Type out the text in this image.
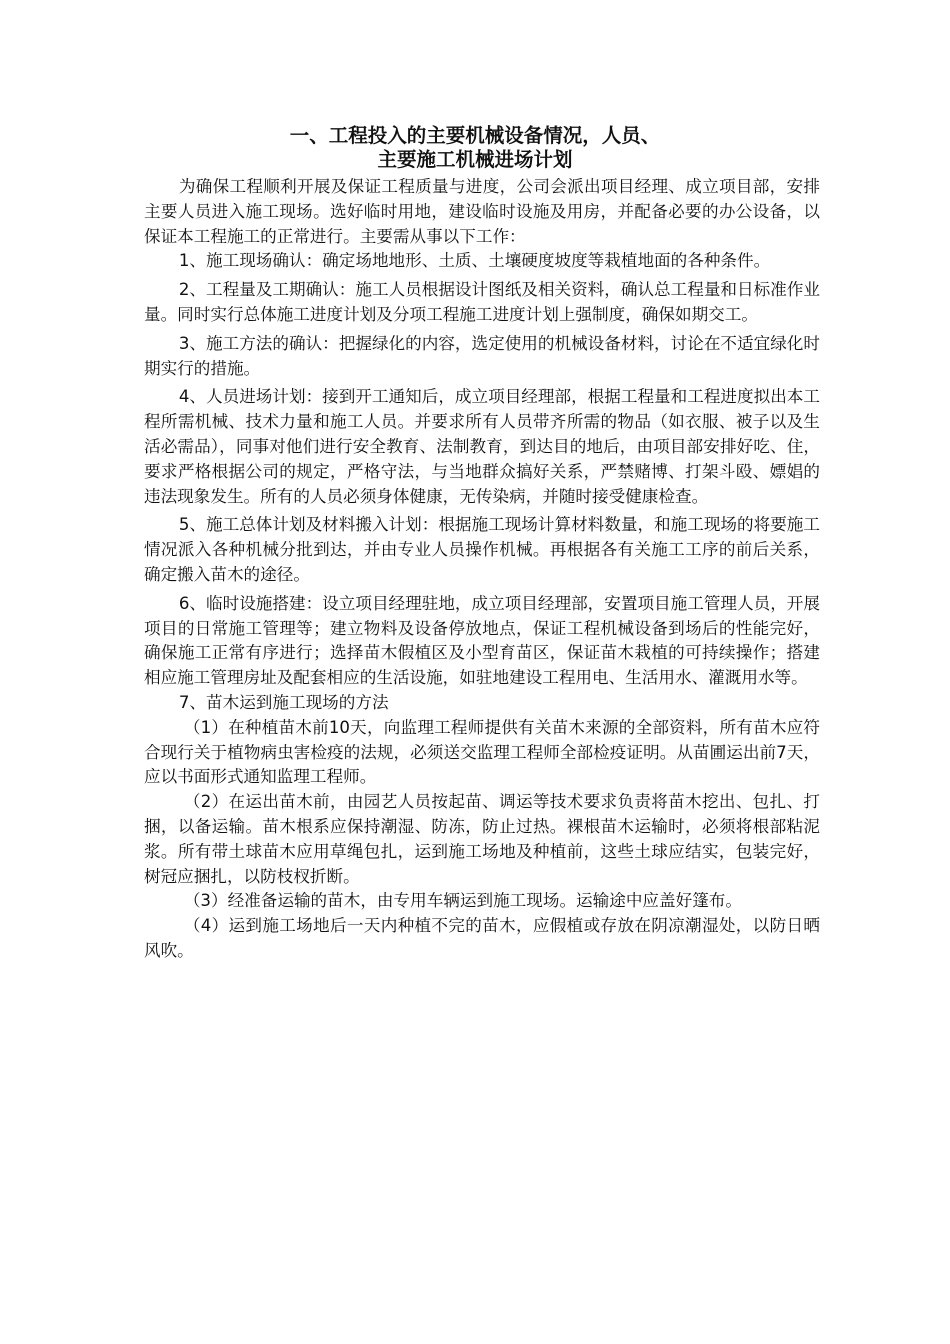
一、工程投入的主要机械设备情况，人员、
主要施工机械进场计划

为确保工程顺利开展及保证工程质量与进度，公司会派出项目经理、成立项目部，安排主要人员进入施工现场。选好临时用地，建设临时设施及用房，并配备必要的办公设备，以保证本工程施工的正常进行。主要需从事以下工作：

1、施工现场确认：确定场地地形、土质、土壤硬度坡度等栽植地面的各种条件。

2、工程量及工期确认：施工人员根据设计图纸及相关资料，确认总工程量和日标准作业量。同时实行总体施工进度计划及分项工程施工进度计划上强制度，确保如期交工。

3、施工方法的确认：把握绿化的内容，选定使用的机械设备材料，讨论在不适宜绿化时期实行的措施。

4、人员进场计划：接到开工通知后，成立项目经理部，根据工程量和工程进度拟出本工程所需机械、技术力量和施工人员。并要求所有人员带齐所需的物品（如衣服、被子以及生活必需品），同事对他们进行安全教育、法制教育，到达目的地后，由项目部安排好吃、住，要求严格根据公司的规定，严格守法，与当地群众搞好关系，严禁赌博、打架斗殴、嫖娼的违法现象发生。所有的人员必须身体健康，无传染病，并随时接受健康检查。

5、施工总体计划及材料搬入计划：根据施工现场计算材料数量，和施工现场的将要施工情况派入各种机械分批到达，并由专业人员操作机械。再根据各有关施工工序的前后关系，确定搬入苗木的途径。

6、临时设施搭建：设立项目经理驻地，成立项目经理部，安置项目施工管理人员，开展项目的日常施工管理等；建立物料及设备停放地点，保证工程机械设备到场后的性能完好，确保施工正常有序进行；选择苗木假植区及小型育苗区，保证苗木栽植的可持续操作；搭建相应施工管理房址及配套相应的生活设施，如驻地建设工程用电、生活用水、灌溉用水等。

7、苗木运到施工现场的方法

（1）在种植苗木前10天，向监理工程师提供有关苗木来源的全部资料，所有苗木应符合现行关于植物病虫害检疫的法规，必须送交监理工程师全部检疫证明。从苗圃运出前7天，应以书面形式通知监理工程师。

（2）在运出苗木前，由园艺人员按起苗、调运等技术要求负责将苗木挖出、包扎、打捆，以备运输。苗木根系应保持潮湿、防冻，防止过热。裸根苗木运输时，必须将根部粘泥浆。所有带土球苗木应用草绳包扎，运到施工场地及种植前，这些土球应结实，包装完好，树冠应捆扎，以防枝杈折断。

（3）经准备运输的苗木，由专用车辆运到施工现场。运输途中应盖好篷布。

（4）运到施工场地后一天内种植不完的苗木，应假植或存放在阴凉潮湿处，以防日晒风吹。
